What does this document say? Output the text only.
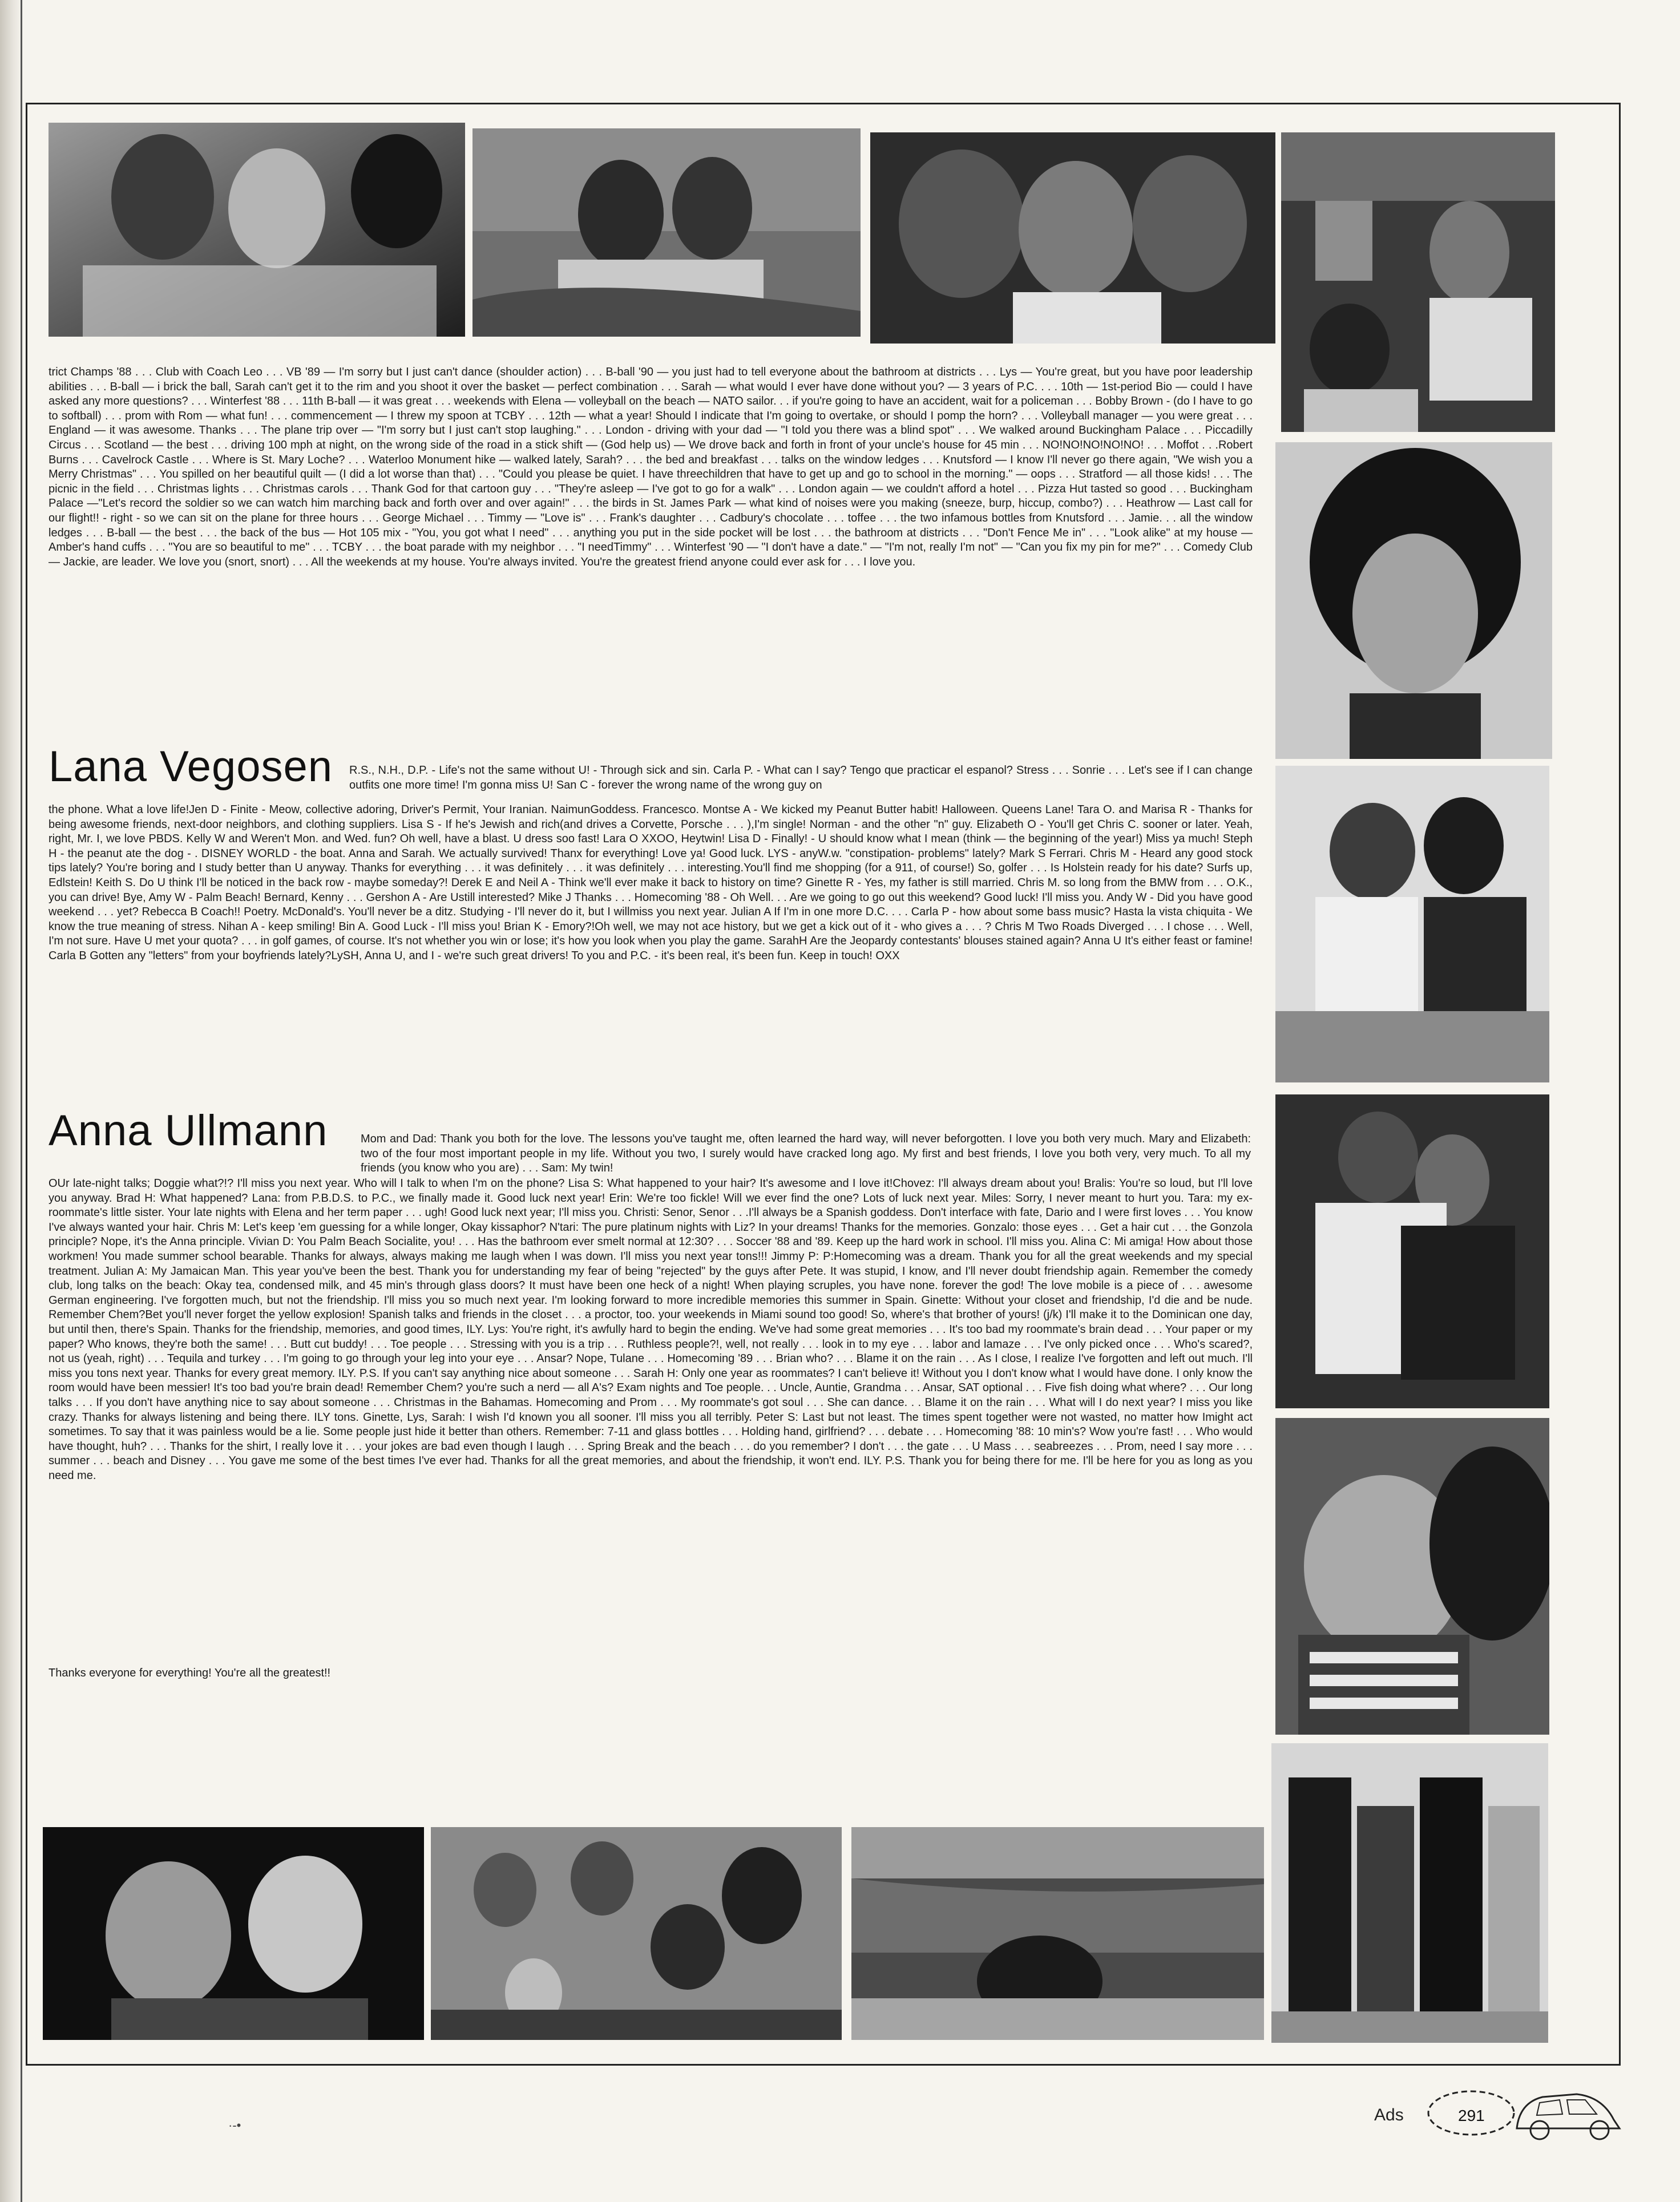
trict Champs '88 . . . Club with Coach Leo . . . VB '89 — I'm sorry but I just can't dance (shoulder action) . . . B-ball '90 — you just had to tell everyone about the bathroom at districts . . . Lys — You're great, but you have poor leadership abilities . . . B-ball — i brick the ball, Sarah can't get it to the rim and you shoot it over the basket — perfect combination . . . Sarah — what would I ever have done without you? — 3 years of P.C. . . . 10th — 1st-period Bio — could I have asked any more questions? . . . Winterfest '88 . . . 11th B-ball — it was great . . . weekends with Elena — volleyball on the beach — NATO sailor. . . if you're going to have an accident, wait for a policeman . . . Bobby Brown - (do I have to go to softball) . . . prom with Rom — what fun! . . . commencement — I threw my spoon at TCBY . . . 12th — what a year! Should I indicate that I'm going to overtake, or should I pomp the horn? . . . Volleyball manager — you were great . . . England — it was awesome. Thanks . . . The plane trip over — "I'm sorry but I just can't stop laughing." . . . London - driving with your dad — "I told you there was a blind spot" . . . We walked around Buckingham Palace . . . Piccadilly Circus . . . Scotland — the best . . . driving 100 mph at night, on the wrong side of the road in a stick shift — (God help us) — We drove back and forth in front of your uncle's house for 45 min . . . NO!NO!NO!NO!NO! . . . Moffot . . .Robert Burns . . . Cavelrock Castle . . . Where is St. Mary Loche? . . . Waterloo Monument hike — walked lately, Sarah? . . . the bed and breakfast . . . talks on the window ledges . . . Knutsford — I know I'll never go there again, "We wish you a Merry Christmas" . . . You spilled on her beautiful quilt — (I did a lot worse than that) . . . "Could you please be quiet. I have threechildren that have to get up and go to school in the morning." — oops . . . Stratford — all those kids! . . . The picnic in the field . . . Christmas lights . . . Christmas carols . . . Thank God for that cartoon guy . . . "They're asleep — I've got to go for a walk" . . . London again — we couldn't afford a hotel . . . Pizza Hut tasted so good . . . Buckingham Palace —"Let's record the soldier so we can watch him marching back and forth over and over again!" . . . the birds in St. James Park — what kind of noises were you making (sneeze, burp, hiccup, combo?) . . . Heathrow — Last call for our flight!! - right - so we can sit on the plane for three hours . . . George Michael . . . Timmy — "Love is" . . . Frank's daughter . . . Cadbury's chocolate . . . toffee . . . the two infamous bottles from Knutsford . . . Jamie. . . all the window ledges . . . B-ball — the best . . . the back of the bus — Hot 105 mix - "You, you got what I need" . . . anything you put in the side pocket will be lost . . . the bathroom at districts . . . "Don't Fence Me in" . . . "Look alike" at my house — Amber's hand cuffs . . . "You are so beautiful to me" . . . TCBY . . . the boat parade with my neighbor . . . "I needTimmy" . . . Winterfest '90 — "I don't have a date." — "I'm not, really I'm not" — "Can you fix my pin for me?" . . . Comedy Club — Jackie, are leader. We love you (snort, snort) . . . All the weekends at my house. You're always invited. You're the greatest friend anyone could ever ask for . . . I love you.

Lana Vegosen R.S., N.H., D.P. - Life's not the same without U! - Through sick and sin. Carla P. - What can I say? Tengo que practicar el espanol? Stress . . . Sonrie . . . Let's see if I can change outfits one more time! I'm gonna miss U! San C - forever the wrong name of the wrong guy on

the phone. What a love life!Jen D - Finite - Meow, collective adoring, Driver's Permit, Your Iranian. NaimunGoddess. Francesco. Montse A - We kicked my Peanut Butter habit! Halloween. Queens Lane! Tara O. and Marisa R - Thanks for being awesome friends, next-door neighbors, and clothing suppliers. Lisa S - If he's Jewish and rich(and drives a Corvette, Porsche . . . ),I'm single! Norman - and the other "n" guy. Elizabeth O - You'll get Chris C. sooner or later. Yeah, right, Mr. I, we love PBDS. Kelly W and Weren't Mon. and Wed. fun? Oh well, have a blast. U dress soo fast! Lara O XXOO, Heytwin! Lisa D - Finally! - U should know what I mean (think — the beginning of the year!) Miss ya much! Steph H - the peanut ate the dog - . DISNEY WORLD - the boat. Anna and Sarah. We actually survived! Thanx for everything! Love ya! Good luck. LYS - anyW.w. "constipation- problems" lately? Mark S Ferrari. Chris M - Heard any good stock tips lately? You're boring and I study better than U anyway. Thanks for everything . . . it was definitely . . . it was definitely . . . interesting.You'll find me shopping (for a 911, of course!) So, golfer . . . Is Holstein ready for his date? Surfs up, Edlstein! Keith S. Do U think I'll be noticed in the back row - maybe someday?! Derek E and Neil A - Think we'll ever make it back to history on time? Ginette R - Yes, my father is still married. Chris M. so long from the BMW from . . . O.K., you can drive! Bye, Amy W - Palm Beach! Bernard, Kenny . . . Gershon A - Are Ustill interested? Mike J Thanks . . . Homecoming '88 - Oh Well. . . Are we going to go out this weekend? Good luck! I'll miss you. Andy W - Did you have good weekend . . . yet? Rebecca B Coach!! Poetry. McDonald's. You'll never be a ditz. Studying - I'll never do it, but I willmiss you next year. Julian A If I'm in one more D.C. . . . Carla P - how about some bass music? Hasta la vista chiquita - We know the true meaning of stress. Nihan A - keep smiling! Bin A. Good Luck - I'll miss you! Brian K - Emory?!Oh well, we may not ace history, but we get a kick out of it - who gives a . . . ? Chris M Two Roads Diverged . . . I chose . . . Well, I'm not sure. Have U met your quota? . . . in golf games, of course. It's not whether you win or lose; it's how you look when you play the game. SarahH Are the Jeopardy contestants' blouses stained again? Anna U It's either feast or famine! Carla B Gotten any "letters" from your boyfriends lately?LySH, Anna U, and I - we're such great drivers! To you and P.C. - it's been real, it's been fun. Keep in touch! OXX

Anna Ullmann	Mom and Dad: Thank you both for the love. The lessons you've taught me, often learned the hard way, will never beforgotten. I love you both very much. Mary and Elizabeth: two of the four most important people in my life. Without you two, I surely would have cracked long ago. My first and best friends, I love you both very, very much. To all my friends (you know who you are) . . . Sam: My twin!

OUr late-night talks; Doggie what?!? I'll miss you next year. Who will I talk to when I'm on the phone? Lisa S: What happened to your hair? It's awesome and I love it!Chovez: I'll always dream about you! Bralis: You're so loud, but I'll love you anyway. Brad H: What happened? Lana: from P.B.D.S. to P.C., we finally made it. Good luck next year! Erin: We're too fickle! Will we ever find the one? Lots of luck next year. Miles: Sorry, I never meant to hurt you. Tara: my ex-roommate's little sister. Your late nights with Elena and her term paper . . . ugh! Good luck next year; I'll miss you. Christi: Senor, Senor . . .I'll always be a Spanish goddess. Don't interface with fate, Dario and I were first loves . . . You know I've always wanted your hair. Chris M: Let's keep 'em guessing for a while longer, Okay kissaphor? N'tari: The pure platinum nights with Liz? In your dreams! Thanks for the memories. Gonzalo: those eyes . . . Get a hair cut . . . the Gonzola principle? Nope, it's the Anna principle. Vivian D: You Palm Beach Socialite, you! . . . Has the bathroom ever smelt normal at 12:30? . . . Soccer '88 and '89. Keep up the hard work in school. I'll miss you. Alina C: Mi amiga! How about those workmen! You made summer school bearable. Thanks for always, always making me laugh when I was down. I'll miss you next year tons!!! Jimmy P: P:Homecoming was a dream. Thank you for all the great weekends and my special treatment. Julian A: My Jamaican Man. This year you've been the best. Thank you for understanding my fear of being "rejected" by the guys after Pete. It was stupid, I know, and I'll never doubt friendship again. Remember the comedy club, long talks on the beach: Okay tea, condensed milk, and 45 min's through glass doors? It must have been one heck of a night! When playing scruples, you have none. forever the god! The love mobile is a piece of . . . awesome German engineering. I've forgotten much, but not the friendship. I'll miss you so much next year. I'm looking forward to more incredible memories this summer in Spain. Ginette: Without your closet and friendship, I'd die and be nude. Remember Chem?Bet you'll never forget the yellow explosion! Spanish talks and friends in the closet . . . a proctor, too. your weekends in Miami sound too good! So, where's that brother of yours! (j/k) I'll make it to the Dominican one day, but until then, there's Spain. Thanks for the friendship, memories, and good times, ILY. Lys: You're right, it's awfully hard to begin the ending. We've had some great memories . . . It's too bad my roommate's brain dead . . . Your paper or my paper? Who knows, they're both the same! . . . Butt cut buddy! . . . Toe people . . . Stressing with you is a trip . . . Ruthless people?!, well, not really . . . look in to my eye . . . labor and lamaze . . . I've only picked once . . . Who's scared?, not us (yeah, right) . . . Tequila and turkey . . . I'm going to go through your leg into your eye . . . Ansar? Nope, Tulane . . . Homecoming '89 . . . Brian who? . . . Blame it on the rain . . . As I close, I realize I've forgotten and left out much. I'll miss you tons next year. Thanks for every great memory. ILY. P.S. If you can't say anything nice about someone . . . Sarah H: Only one year as roommates? I can't believe it! Without you I don't know what I would have done. I only know the room would have been messier! It's too bad you're brain dead! Remember Chem? you're such a nerd — all A's? Exam nights and Toe people. . . Uncle, Auntie, Grandma . . . Ansar, SAT optional . . . Five fish doing what where? . . . Our long talks . . . If you don't have anything nice to say about someone . . . Christmas in the Bahamas. Homecoming and Prom . . . My roommate's got soul . . . She can dance. . . Blame it on the rain . . . What will I do next year? I miss you like crazy. Thanks for always listening and being there. ILY tons. Ginette, Lys, Sarah: I wish I'd known you all sooner. I'll miss you all terribly. Peter S: Last but not least. The times spent together were not wasted, no matter how Imight act sometimes. To say that it was painless would be a lie. Some people just hide it better than others. Remember: 7-11 and glass bottles . . . Holding hand, girlfriend? . . . debate . . . Homecoming '88: 10 min's? Wow you're fast! . . . Who would have thought, huh? . . . Thanks for the shirt, I really love it . . . your jokes are bad even though I laugh . . . Spring Break and the beach . . . do you remember? I don't . . . the gate . . . U Mass . . . seabreezes . . . Prom, need I say more . . . summer . . . beach and Disney . . . You gave me some of the best times I've ever had. Thanks for all the great memories, and about the friendship, it won't end. ILY. P.S. Thank you for being there for me. I'll be here for you as long as you need me.

Thanks everyone for everything! You're all the greatest!!

·-•
Ads	291
